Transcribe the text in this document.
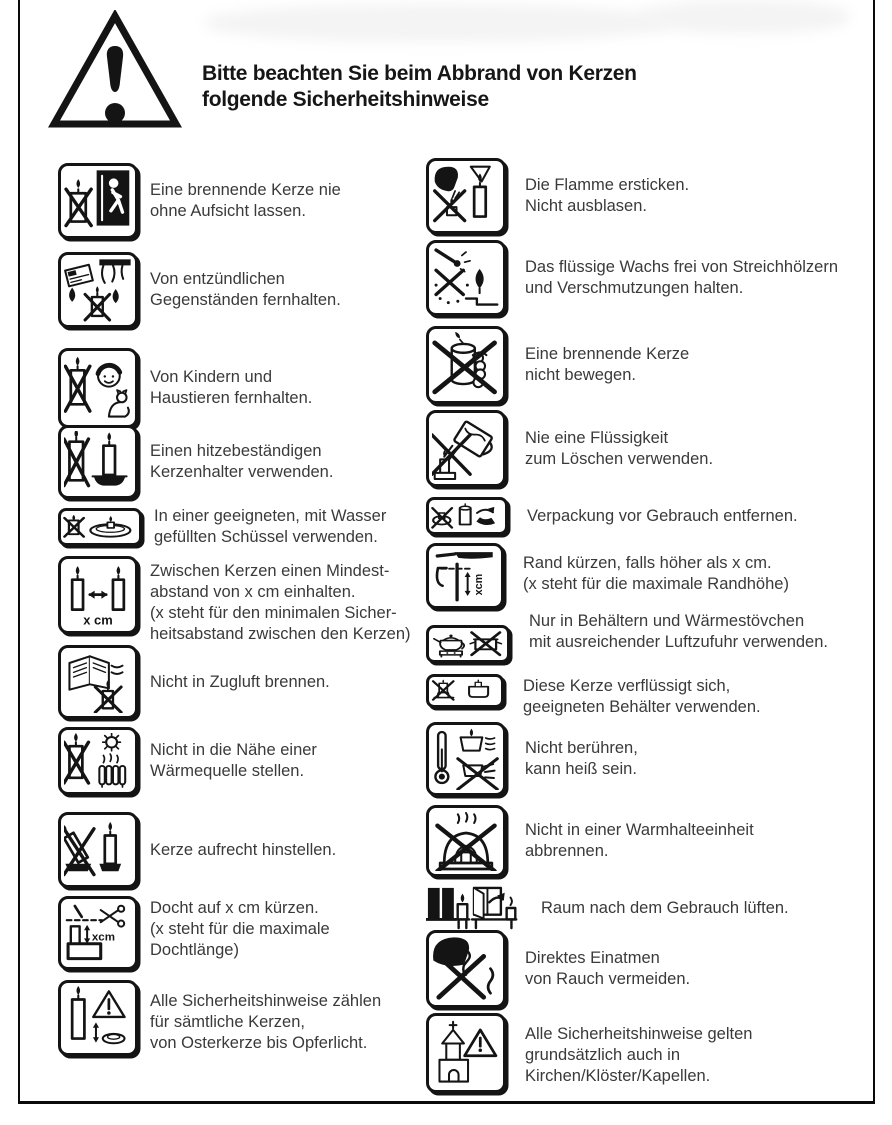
Bitte beachten Sie beim Abbrand von Kerzen
folgende Sicherheitshinweise
Eine brennende Kerze nie
ohne Aufsicht lassen.
Von entzündlichen
Gegenständen fernhalten.
Von Kindern und
Haustieren fernhalten.
Einen hitzebeständigen
Kerzenhalter verwenden.
In einer geeigneten, mit Wasser
gefüllten Schüssel verwenden.
x cm
Zwischen Kerzen einen Mindest-
abstand von x cm einhalten.
(x steht für den minimalen Sicher-
heitsabstand zwischen den Kerzen)
Nicht in Zugluft brennen.
Nicht in die Nähe einer
Wärmequelle stellen.
Kerze aufrecht hinstellen.
xcm
Docht auf x cm kürzen.
(x steht für die maximale
Dochtlänge)
Alle Sicherheitshinweise zählen
für sämtliche Kerzen,
von Osterkerze bis Opferlicht.
Die Flamme ersticken.
Nicht ausblasen.
Das flüssige Wachs frei von Streichhölzern
und Verschmutzungen halten.
Eine brennende Kerze
nicht bewegen.
Nie eine Flüssigkeit
zum Löschen verwenden.
Verpackung vor Gebrauch entfernen.
xcm
Rand kürzen, falls höher als x cm.
(x steht für die maximale Randhöhe)
Nur in Behältern und Wärmestövchen
mit ausreichender Luftzufuhr verwenden.
Diese Kerze verflüssigt sich,
geeigneten Behälter verwenden.
Nicht berühren,
kann heiß sein.
Nicht in einer Warmhalteeinheit
abbrennen.
Raum nach dem Gebrauch lüften.
Direktes Einatmen
von Rauch vermeiden.
Alle Sicherheitshinweise gelten
grundsätzlich auch in
Kirchen/Klöster/Kapellen.
